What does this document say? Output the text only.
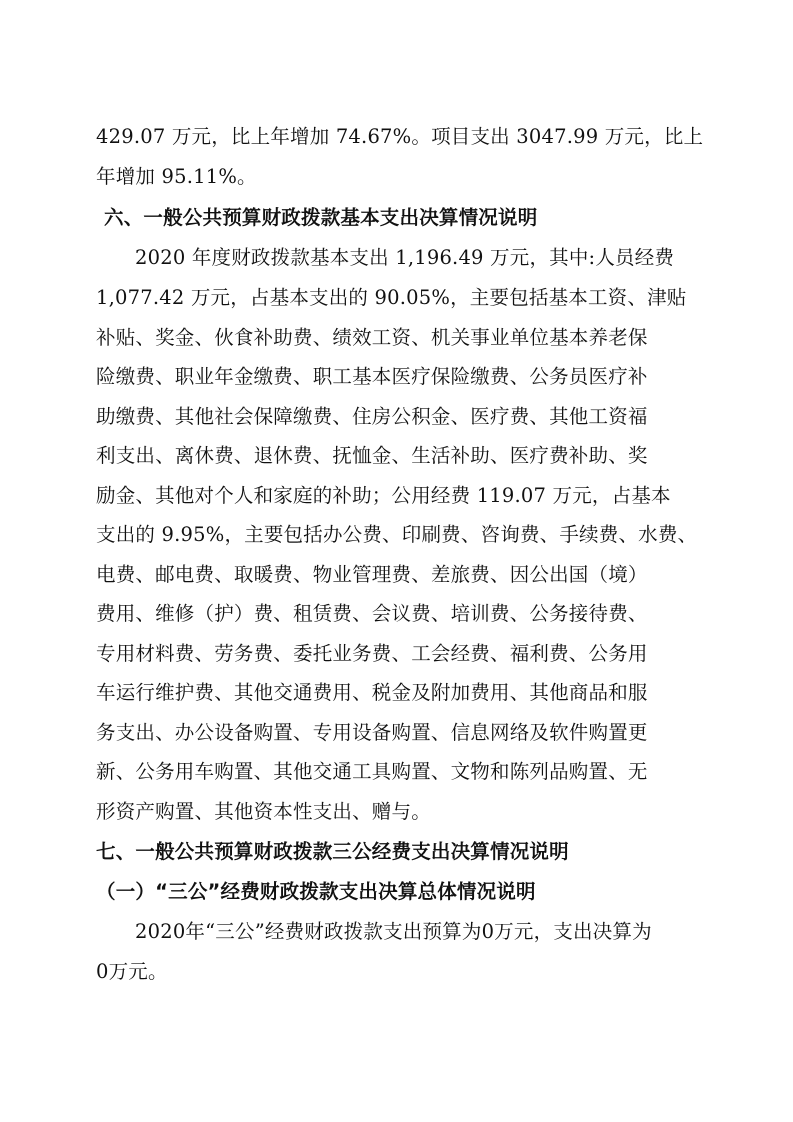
429.07 万元，比上年增加 74.67%。项目支出 3047.99 万元，比上
年增加 95.11%。
六、一般公共预算财政拨款基本支出决算情况说明
2020 年度财政拨款基本支出 1,196.49 万元，其中:人员经费
1,077.42 万元，占基本支出的 90.05%，主要包括基本工资、津贴
补贴、奖金、伙食补助费、绩效工资、机关事业单位基本养老保
险缴费、职业年金缴费、职工基本医疗保险缴费、公务员医疗补
助缴费、其他社会保障缴费、住房公积金、医疗费、其他工资福
利支出、离休费、退休费、抚恤金、生活补助、医疗费补助、奖
励金、其他对个人和家庭的补助；公用经费 119.07 万元，占基本
支出的 9.95%，主要包括办公费、印刷费、咨询费、手续费、水费、
电费、邮电费、取暖费、物业管理费、差旅费、因公出国（境）
费用、维修（护）费、租赁费、会议费、培训费、公务接待费、
专用材料费、劳务费、委托业务费、工会经费、福利费、公务用
车运行维护费、其他交通费用、税金及附加费用、其他商品和服
务支出、办公设备购置、专用设备购置、信息网络及软件购置更
新、公务用车购置、其他交通工具购置、文物和陈列品购置、无
形资产购置、其他资本性支出、赠与。
七、一般公共预算财政拨款三公经费支出决算情况说明
（一）“三公”经费财政拨款支出决算总体情况说明
2020年“三公”经费财政拨款支出预算为0万元，支出决算为
0万元。
